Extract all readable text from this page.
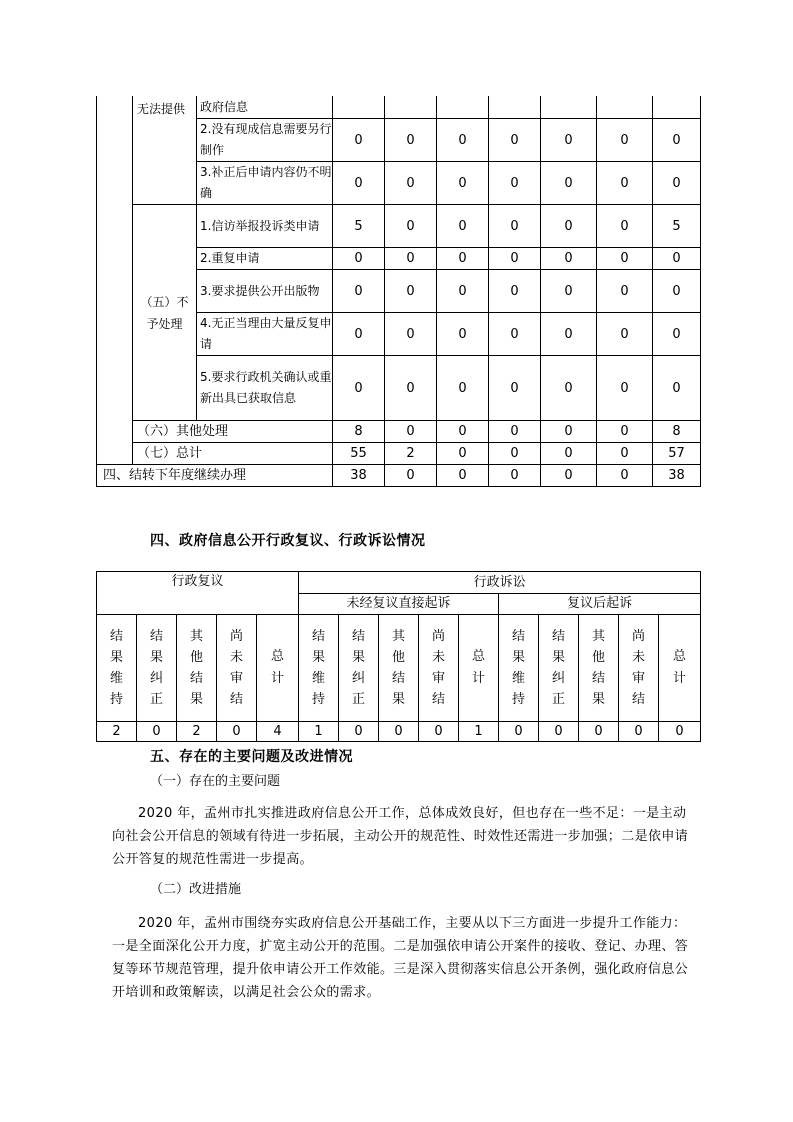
	无法提供	政府信息							
		2.没有现成信息需要另行制作	0	0	0	0	0	0	0
		3.补正后申请内容仍不明确	0	0	0	0	0	0	0
	（五）不予处理	1.信访举报投诉类申请	5	0	0	0	0	0	5
		2.重复申请	0	0	0	0	0	0	0
		3.要求提供公开出版物	0	0	0	0	0	0	0
		4.无正当理由大量反复申请	0	0	0	0	0	0	0
		5.要求行政机关确认或重新出具已获取信息	0	0	0	0	0	0	0
	（六）其他处理		8	0	0	0	0	0	8
	（七）总计		55	2	0	0	0	0	57
四、结转下年度继续办理			38	0	0	0	0	0	38
四、政府信息公开行政复议、行政诉讼情况
行政复议					行政诉讼									
					未经复议直接起诉					复议后起诉				

结果维持	结果纠正	其他结果	尚未审结	总计	结果维持	结果纠正	其他结果	尚未审结	总计	结果维持	结果纠正	其他结果	尚未审结	总计

2	0	2	0	4	1	0	0	0	1	0	0	0	0	0
五、存在的主要问题及改进情况
（一）存在的主要问题
2020 年，孟州市扎实推进政府信息公开工作，总体成效良好，但也存在一些不足：一是主动向社会公开信息的领域有待进一步拓展，主动公开的规范性、时效性还需进一步加强；二是依申请公开答复的规范性需进一步提高。
（二）改进措施
2020 年，孟州市围绕夯实政府信息公开基础工作，主要从以下三方面进一步提升工作能力：一是全面深化公开力度，扩宽主动公开的范围。二是加强依申请公开案件的接收、登记、办理、答复等环节规范管理，提升依申请公开工作效能。三是深入贯彻落实信息公开条例，强化政府信息公开培训和政策解读，以满足社会公众的需求。
